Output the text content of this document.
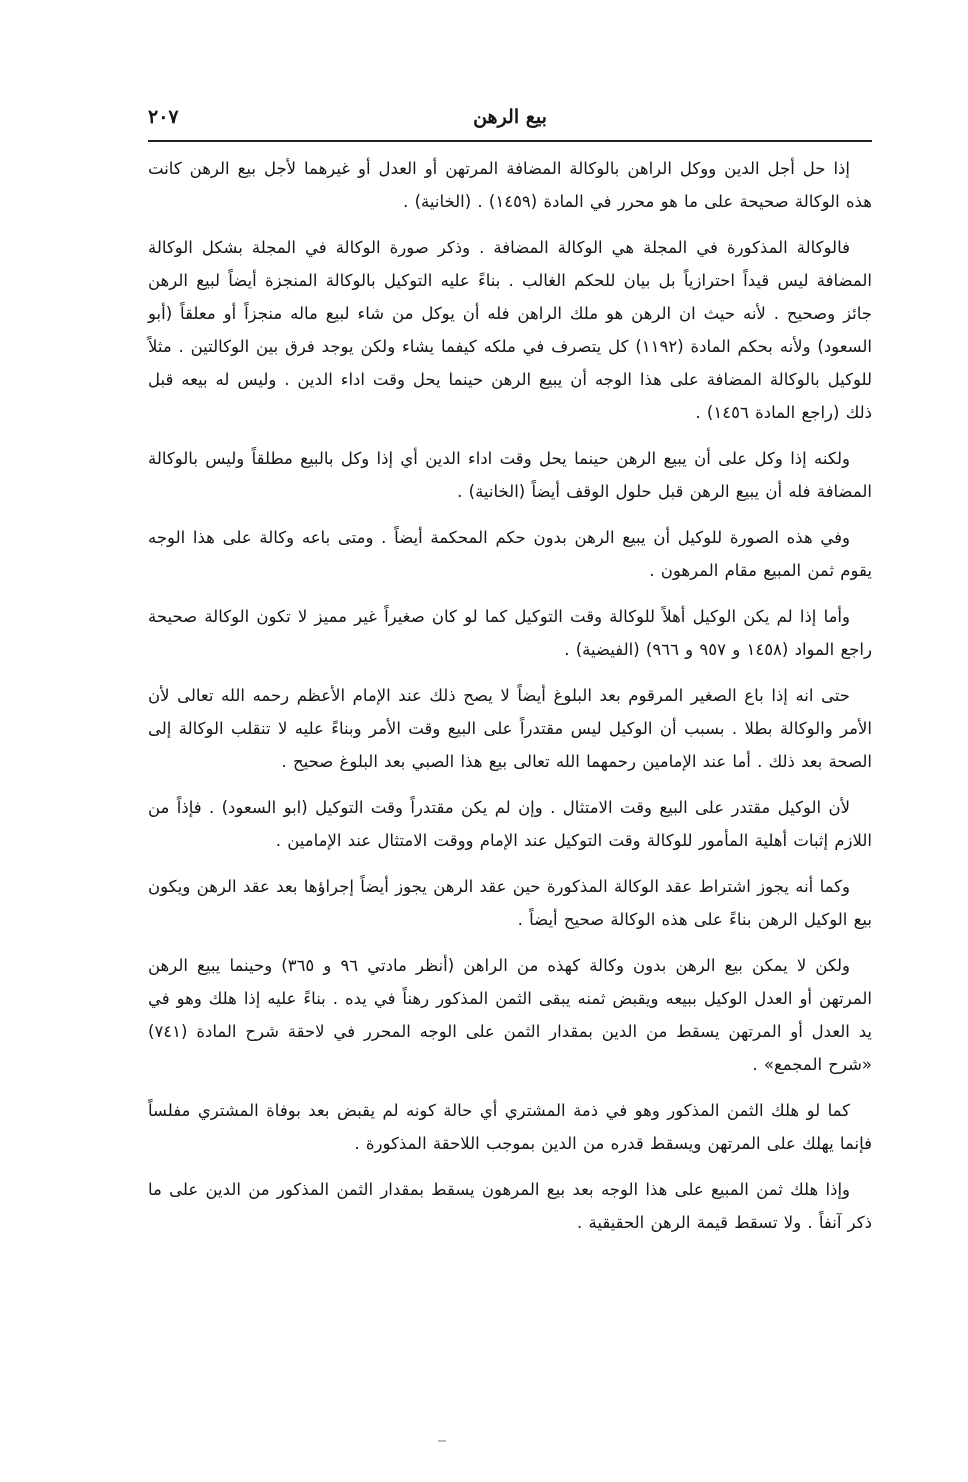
بيع الرهن
٢٠٧

إذا حل أجل الدين ووكل الراهن بالوكالة المضافة المرتهن أو العدل أو غيرهما لأجل بيع الرهن كانت هذه الوكالة صحيحة على ما هو محرر في المادة (١٤٥٩) . (الخانية) .

فالوكالة المذكورة في المجلة هي الوكالة المضافة . وذكر صورة الوكالة في المجلة بشكل الوكالة المضافة ليس قيداً احترازياً بل بيان للحكم الغالب . بناءً عليه التوكيل بالوكالة المنجزة أيضاً لبيع الرهن جائز وصحيح . لأنه حيث ان الرهن هو ملك الراهن فله أن يوكل من شاء لبيع ماله منجزاً أو معلقاً (أبو السعود) ولأنه بحكم المادة (١١٩٢) كل يتصرف في ملكه كيفما يشاء ولكن يوجد فرق بين الوكالتين . مثلاً للوكيل بالوكالة المضافة على هذا الوجه أن يبيع الرهن حينما يحل وقت اداء الدين . وليس له بيعه قبل ذلك (راجع المادة ١٤٥٦) .

ولكنه إذا وكل على أن يبيع الرهن حينما يحل وقت اداء الدين أي إذا وكل بالبيع مطلقاً وليس بالوكالة المضافة فله أن يبيع الرهن قبل حلول الوقف أيضاً (الخانية) .

وفي هذه الصورة للوكيل أن يبيع الرهن بدون حكم المحكمة أيضاً . ومتى باعه وكالة على هذا الوجه يقوم ثمن المبيع مقام المرهون .

وأما إذا لم يكن الوكيل أهلاً للوكالة وقت التوكيل كما لو كان صغيراً غير مميز لا تكون الوكالة صحيحة راجع المواد (١٤٥٨ و ٩٥٧ و ٩٦٦) (الفيضية) .

حتى انه إذا باع الصغير المرقوم بعد البلوغ أيضاً لا يصح ذلك عند الإمام الأعظم رحمه الله تعالى لأن الأمر والوكالة بطلا . بسبب أن الوكيل ليس مقتدراً على البيع وقت الأمر وبناءً عليه لا تنقلب الوكالة إلى الصحة بعد ذلك . أما عند الإمامين رحمهما الله تعالى بيع هذا الصبي بعد البلوغ صحيح .

لأن الوكيل مقتدر على البيع وقت الامتثال . وإن لم يكن مقتدراً وقت التوكيل (ابو السعود) . فإذاً من اللازم إثبات أهلية المأمور للوكالة وقت التوكيل عند الإمام ووقت الامتثال عند الإمامين .

وكما أنه يجوز اشتراط عقد الوكالة المذكورة حين عقد الرهن يجوز أيضاً إجراؤها بعد عقد الرهن ويكون بيع الوكيل الرهن بناءً على هذه الوكالة صحيح أيضاً .

ولكن لا يمكن بيع الرهن بدون وكالة كهذه من الراهن (أنظر مادتي ٩٦ و ٣٦٥) وحينما يبيع الرهن المرتهن أو العدل الوكيل ببيعه ويقبض ثمنه يبقى الثمن المذكور رهناً في يده . بناءً عليه إذا هلك وهو في يد العدل أو المرتهن يسقط من الدين بمقدار الثمن على الوجه المحرر في لاحقة شرح المادة (٧٤١) «شرح المجمع» .

كما لو هلك الثمن المذكور وهو في ذمة المشتري أي حالة كونه لم يقبض بعد بوفاة المشتري مفلساً فإنما يهلك على المرتهن ويسقط قدره من الدين بموجب اللاحقة المذكورة .

وإذا هلك ثمن المبيع على هذا الوجه بعد بيع المرهون يسقط بمقدار الثمن المذكور من الدين على ما ذكر آنفاً . ولا تسقط قيمة الرهن الحقيقية .
